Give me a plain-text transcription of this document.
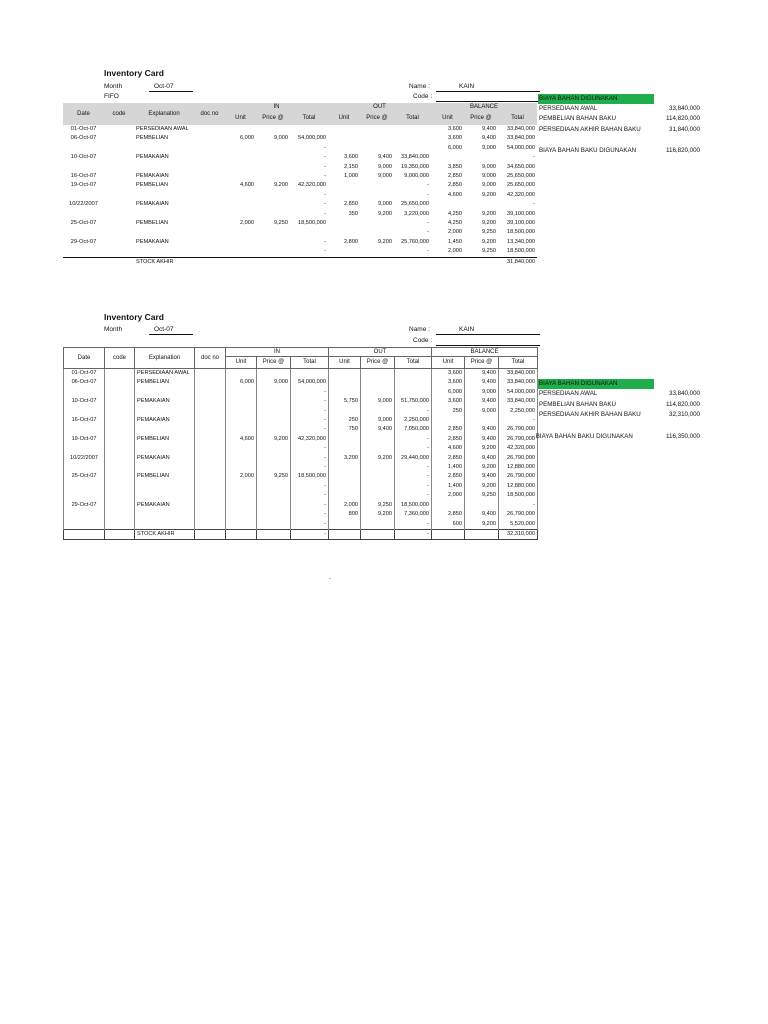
Inventory Card
Month	Oct-07
FIFO
Name :	KAIN
Code :
Date	code	Explanation	doc no	IN			OUT			BALANCE		
				Unit	Price @	Total	Unit	Price @	Total	Unit	Price @	Total
01-Oct-07		PERSEDIAAN AWAL								3,600	9,400	33,840,000
06-Oct-07		PEMBELIAN		6,000	9,000	54,000,000				3,600	9,400	33,840,000
						-				6,000	9,000	54,000,000
10-Oct-07		PEMAKAIAN				-	3,600	9,400	33,840,000			-
						-	2,150	9,000	19,350,000	3,850	9,000	34,650,000
16-Oct-07		PEMAKAIAN				-	1,000	9,000	9,000,000	2,850	9,000	25,650,000
19-Oct-07		PEMBELIAN		4,600	9,200	42,320,000			-	2,850	9,000	25,650,000
						-			-	4,600	9,200	42,320,000
10/22/2007		PEMAKAIAN				-	2,850	9,000	25,650,000			-
						-	350	9,200	3,220,000	4,250	9,200	39,100,000
25-Oct-07		PEMBELIAN		2,000	9,250	18,500,000			-	4,250	9,200	39,100,000
									-	2,000	9,250	18,500,000
29-Oct-07		PEMAKAIAN				-	2,800	9,200	25,760,000	1,450	9,200	13,340,000
						-			-	2,000	9,250	18,500,000
		STOCK AKHIR										31,840,000
BIAYA BAHAN DIGUNAKAN
PERSEDIAAN AWAL	33,840,000
PEMBELIAN BAHAN BAKU	114,820,000
PERSEDIAAN AKHIR BAHAN BAKU	31,840,000
BIAYA BAHAN BAKU DIGUNAKAN	116,820,000
Inventory Card
Month	Oct-07	Name :	KAIN
Code :
Date	code	Explanation	doc no	IN			OUT			BALANCE		
				Unit	Price @	Total	Unit	Price @	Total	Unit	Price @	Total
01-Oct-07		PERSEDIAAN AWAL								3,600	9,400	33,840,000
06-Oct-07		PEMBELIAN		6,000	9,000	54,000,000				3,600	9,400	33,840,000
						-				6,000	9,000	54,000,000
10-Oct-07		PEMAKAIAN				-	5,750	9,000	51,750,000	3,600	9,400	33,840,000
						-			-	250	9,000	2,250,000
16-Oct-07		PEMAKAIAN				-	250	9,000	2,250,000			-
						-	750	9,400	7,050,000	2,850	9,400	26,790,000
19-Oct-07		PEMBELIAN		4,600	9,200	42,320,000			-	2,850	9,400	26,790,000
						-			-	4,600	9,200	42,320,000
10/22/2007		PEMAKAIAN				-	3,200	9,200	29,440,000	2,850	9,400	26,790,000
						-			-	1,400	9,200	12,880,000
25-Oct-07		PEMBELIAN		2,000	9,250	18,500,000			-	2,850	9,400	26,790,000
						-			-	1,400	9,200	12,880,000
						-			-	2,000	9,250	18,500,000
29-Oct-07		PEMAKAIAN				-	2,000	9,250	18,500,000			-
						-	800	9,200	7,360,000	2,850	9,400	26,790,000
						-			-	600	9,200	5,520,000
		STOCK AKHIR				-			-			32,310,000
BIAYA BAHAN DIGUNAKAN
PERSEDIAAN AWAL	33,840,000
PEMBELIAN BAHAN BAKU	114,820,000
PERSEDIAAN AKHIR BAHAN BAKU	32,310,000
- BIAYA BAHAN BAKU DIGUNAKAN	116,350,000
-
